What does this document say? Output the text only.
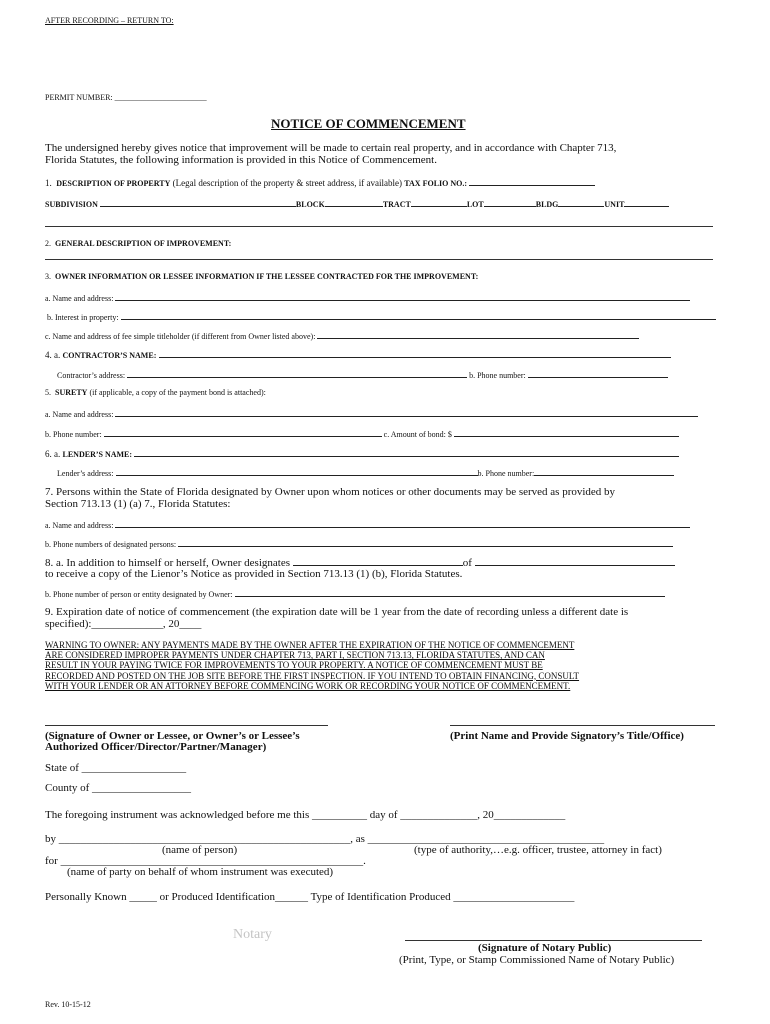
AFTER RECORDING – RETURN TO:
PERMIT NUMBER: _______________________
NOTICE OF COMMENCEMENT
The undersigned hereby gives notice that improvement will be made to certain real property, and in accordance with Chapter 713,
Florida Statutes, the following information is provided in this Notice of Commencement.
1. DESCRIPTION OF PROPERTY (Legal description of the property & street address, if available) TAX FOLIO NO.:
SUBDIVISION	BLOCK	TRACT	LOT	BLDG	UNIT
2. GENERAL DESCRIPTION OF IMPROVEMENT:
3. OWNER INFORMATION OR LESSEE INFORMATION IF THE LESSEE CONTRACTED FOR THE IMPROVEMENT:
a. Name and address:
b. Interest in property:
c. Name and address of fee simple titleholder (if different from Owner listed above):
4. a. CONTRACTOR’S NAME:
Contractor’s address:	b. Phone number:
5. SURETY (if applicable, a copy of the payment bond is attached):
a. Name and address:
b. Phone number:	c. Amount of bond: $
6. a. LENDER’S NAME:
Lender’s address:	b. Phone number:
7. Persons within the State of Florida designated by Owner upon whom notices or other documents may be served as provided by
Section 713.13 (1) (a) 7., Florida Statutes:
a. Name and address:
b. Phone numbers of designated persons:
8. a. In addition to himself or herself, Owner designates	of
to receive a copy of the Lienor’s Notice as provided in Section 713.13 (1) (b), Florida Statutes.
b. Phone number of person or entity designated by Owner:
9. Expiration date of notice of commencement (the expiration date will be 1 year from the date of recording unless a different date is
specified):_____________, 20____
WARNING TO OWNER: ANY PAYMENTS MADE BY THE OWNER AFTER THE EXPIRATION OF THE NOTICE OF COMMENCEMENT
ARE CONSIDERED IMPROPER PAYMENTS UNDER CHAPTER 713, PART I, SECTION 713.13, FLORIDA STATUTES, AND CAN
RESULT IN YOUR PAYING TWICE FOR IMPROVEMENTS TO YOUR PROPERTY. A NOTICE OF COMMENCEMENT MUST BE
RECORDED AND POSTED ON THE JOB SITE BEFORE THE FIRST INSPECTION. IF YOU INTEND TO OBTAIN FINANCING, CONSULT
WITH YOUR LENDER OR AN ATTORNEY BEFORE COMMENCING WORK OR RECORDING YOUR NOTICE OF COMMENCEMENT.
(Signature of Owner or Lessee, or Owner’s or Lessee’s
Authorized Officer/Director/Partner/Manager)
(Print Name and Provide Signatory’s Title/Office)
State of ___________________
County of __________________
The foregoing instrument was acknowledged before me this __________ day of ______________, 20_____________
by _____________________________________________________, as ___________________________________________
(name of person)	(type of authority,…e.g. officer, trustee, attorney in fact)
for _______________________________________________________.
(name of party on behalf of whom instrument was executed)
Personally Known _____ or Produced Identification______ Type of Identification Produced ______________________
Notary
(Signature of Notary Public)
(Print, Type, or Stamp Commissioned Name of Notary Public)
Rev. 10-15-12
